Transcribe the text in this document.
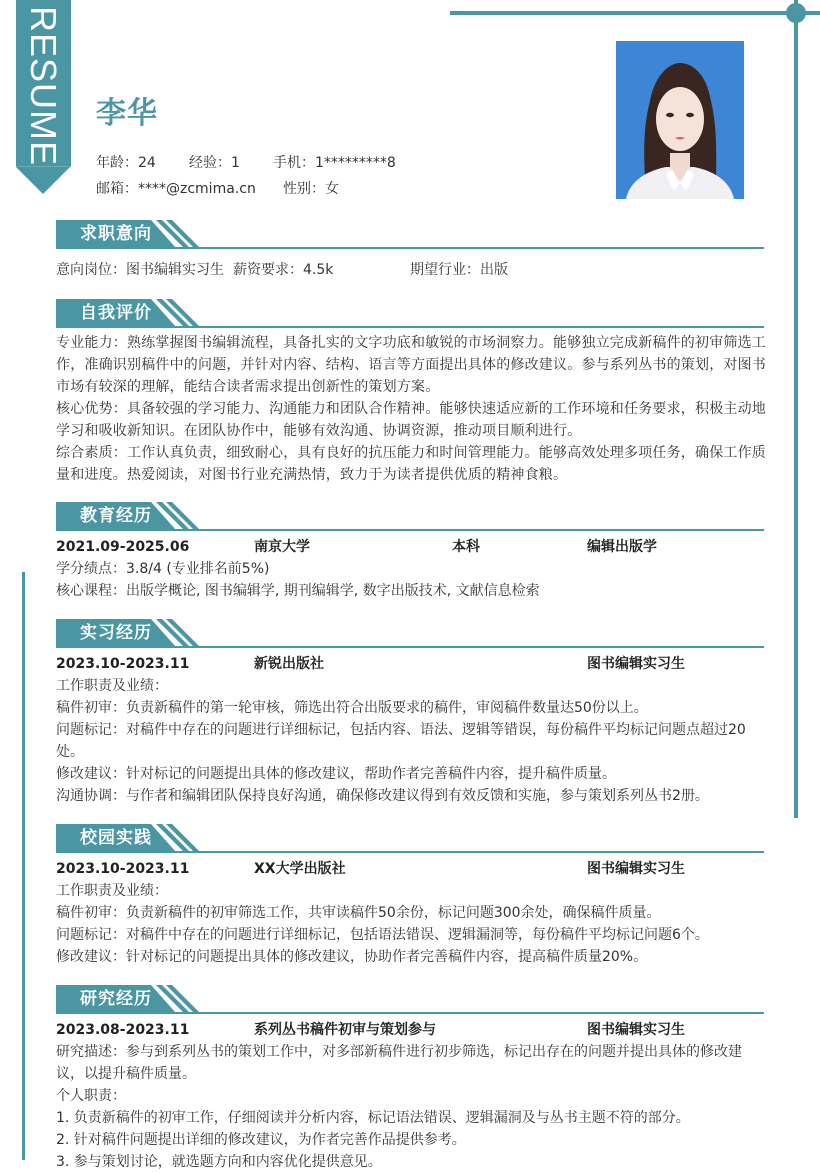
RESUME 李华
年龄：24 经验：1 手机：1*********8
邮箱：****@zcmima.cn 性别：女
求职意向
意向岗位：图书编辑实习生 薪资要求：4.5k	期望行业：出版
自我评价

专业能力：熟练掌握图书编辑流程，具备扎实的文字功底和敏锐的市场洞察力。能够独立完成新稿件的初审筛选工作，准确识别稿件中的问题，并针对内容、结构、语言等方面提出具体的修改建议。参与系列丛书的策划，对图书市场有较深的理解，能结合读者需求提出创新性的策划方案。

核心优势：具备较强的学习能力、沟通能力和团队合作精神。能够快速适应新的工作环境和任务要求，积极主动地学习和吸收新知识。在团队协作中，能够有效沟通、协调资源，推动项目顺利进行。

综合素质：工作认真负责，细致耐心，具有良好的抗压能力和时间管理能力。能够高效处理多项任务，确保工作质量和进度。热爱阅读，对图书行业充满热情，致力于为读者提供优质的精神食粮。

教育经历
2021.09-2025.06	南京大学	本科	编辑出版学

学分绩点：3.8/4 (专业排名前5%)

核心课程：出版学概论, 图书编辑学, 期刊编辑学, 数字出版技术, 文献信息检索

实习经历
2023.10-2023.11	新锐出版社	图书编辑实习生

工作职责及业绩：

稿件初审：负责新稿件的第一轮审核，筛选出符合出版要求的稿件，审阅稿件数量达50份以上。

问题标记：对稿件中存在的问题进行详细标记，包括内容、语法、逻辑等错误，每份稿件平均标记问题点超过20处。

修改建议：针对标记的问题提出具体的修改建议，帮助作者完善稿件内容，提升稿件质量。

沟通协调：与作者和编辑团队保持良好沟通，确保修改建议得到有效反馈和实施，参与策划系列丛书2册。

校园实践
2023.10-2023.11	XX大学出版社	图书编辑实习生

工作职责及业绩：

稿件初审：负责新稿件的初审筛选工作，共审读稿件50余份，标记问题300余处，确保稿件质量。

问题标记：对稿件中存在的问题进行详细标记，包括语法错误、逻辑漏洞等，每份稿件平均标记问题6个。

修改建议：针对标记的问题提出具体的修改建议，协助作者完善稿件内容，提高稿件质量20%。

研究经历
2023.08-2023.11	系列丛书稿件初审与策划参与	图书编辑实习生

研究描述：参与到系列丛书的策划工作中，对多部新稿件进行初步筛选，标记出存在的问题并提出具体的修改建议，以提升稿件质量。

个人职责：

1. 负责新稿件的初审工作，仔细阅读并分析内容，标记语法错误、逻辑漏洞及与丛书主题不符的部分。

2. 针对稿件问题提出详细的修改建议，为作者完善作品提供参考。

3. 参与策划讨论，就选题方向和内容优化提供意见。
